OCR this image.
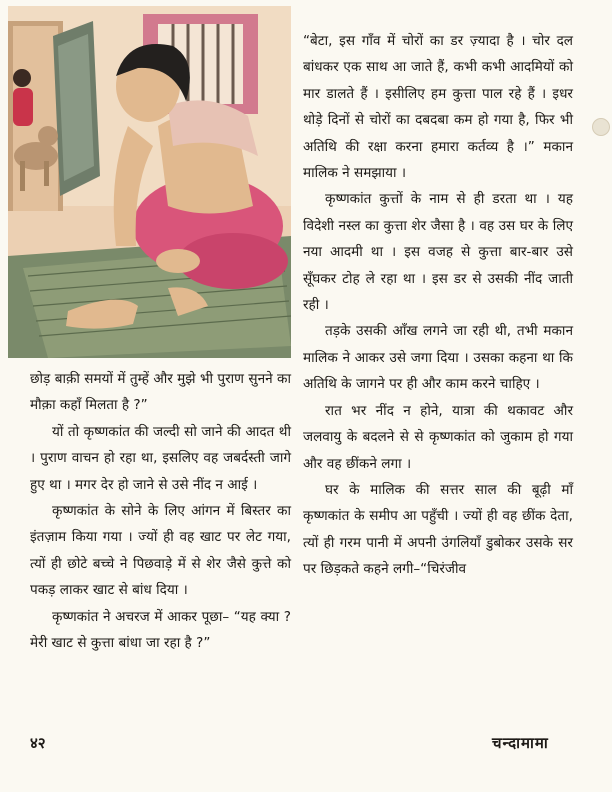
“बेटा, इस गाँव में चोरों का डर ज़्यादा है । चोर दल बांधकर एक साथ आ जाते हैं, कभी कभी आदमियों को मार डालते हैं । इसीलिए हम कुत्ता पाल रहे हैं । इधर थोड़े दिनों से चोरों का दबदबा कम हो गया है, फिर भी अतिथि की रक्षा करना हमारा कर्तव्य है ।” मकान मालिक ने समझाया ।

कृष्णकांत कुत्तों के नाम से ही डरता था । यह विदेशी नस्ल का कुत्ता शेर जैसा है । वह उस घर के लिए नया आदमी था । इस वजह से कुत्ता बार-बार उसे सूँघकर टोह ले रहा था । इस डर से उसकी नींद जाती रही ।

तड़के उसकी आँख लगने जा रही थी, तभी मकान मालिक ने आकर उसे जगा दिया । उसका कहना था कि अतिथि के जागने पर ही और काम करने चाहिए ।

रात भर नींद न होने, यात्रा की थकावट और जलवायु के बदलने से से कृष्णकांत को जुकाम हो गया और वह छींकने लगा ।

घर के मालिक की सत्तर साल की बूढ़ी माँ कृष्णकांत के समीप आ पहुँची । ज्यों ही वह छींक देता, त्यों ही गरम पानी में अपनी उंगलियाँ डुबोकर उसके सर पर छिड़कते कहने लगी–“चिरंजीव

छोड़ बाक़ी समयों में तुम्हें और मुझे भी पुराण सुनने का मौक़ा कहाँ मिलता है ?”

यों तो कृष्णकांत की जल्दी सो जाने की आदत थी । पुराण वाचन हो रहा था, इसलिए वह जबर्दस्ती जागे हुए था । मगर देर हो जाने से उसे नींद न आई ।

कृष्णकांत के सोने के लिए आंगन में बिस्तर का इंतज़ाम किया गया । ज्यों ही वह खाट पर लेट गया, त्यों ही छोटे बच्चे ने पिछवाड़े में से शेर जैसे कुत्ते को पकड़ लाकर खाट से बांध दिया ।

कृष्णकांत ने अचरज में आकर पूछा– “यह क्या ? मेरी खाट से कुत्ता बांधा जा रहा है ?”

४२	चन्दामामा
